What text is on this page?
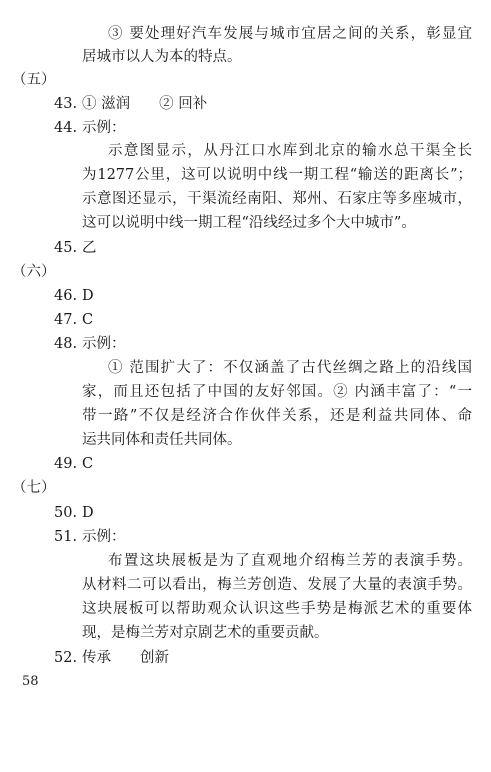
③ 要处理好汽车发展与城市宜居之间的关系，彰显宜
居城市以人为本的特点。
（五）
43. ① 滋润　　② 回补
44. 示例：
示意图显示，从丹江口水库到北京的输水总干渠全长
为1277公里，这可以说明中线一期工程“输送的距离长”；
示意图还显示，干渠流经南阳、郑州、石家庄等多座城市，
这可以说明中线一期工程“沿线经过多个大中城市”。
45. 乙
（六）
46. D
47. C
48. 示例：
① 范围扩大了：不仅涵盖了古代丝绸之路上的沿线国
家，而且还包括了中国的友好邻国。② 内涵丰富了：“一
带一路”不仅是经济合作伙伴关系，还是利益共同体、命
运共同体和责任共同体。
49. C
（七）
50. D
51. 示例：
布置这块展板是为了直观地介绍梅兰芳的表演手势。
从材料二可以看出，梅兰芳创造、发展了大量的表演手势。
这块展板可以帮助观众认识这些手势是梅派艺术的重要体
现，是梅兰芳对京剧艺术的重要贡献。
52. 传承　　创新
58
